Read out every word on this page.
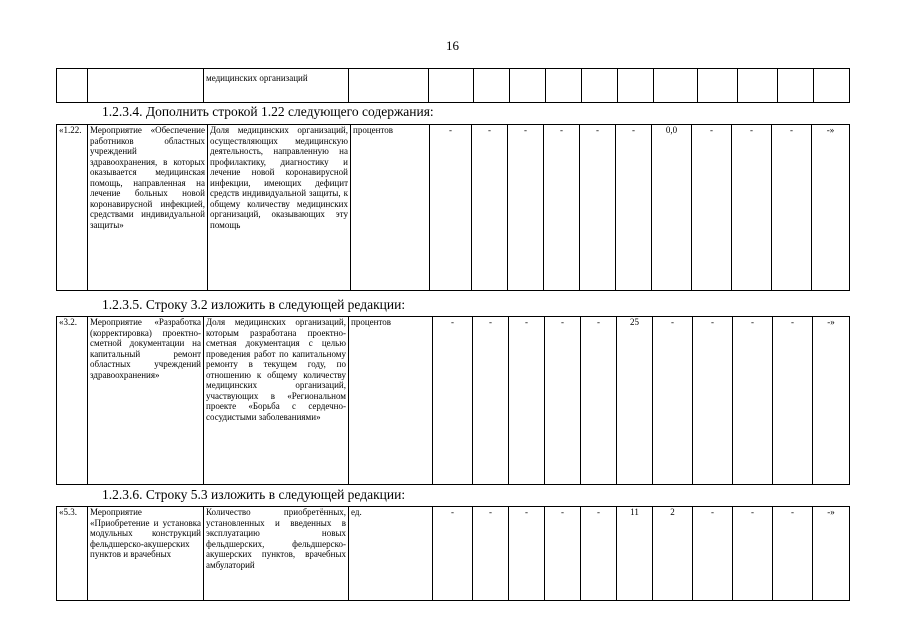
16
		медицинских организаций												
1.2.3.4. Дополнить строкой 1.22 следующего содержания:
«1.22.	Мероприятие «Обеспечение работников областных учреждений здравоохранения, в которых оказывается медицинская помощь, направленная на лечение больных новой коронавирусной инфекцией, средствами индивидуальной защиты»	Доля медицинских организаций, осуществляющих медицинскую деятельность, направленную на профилактику, диагностику и лечение новой коронавирусной инфекции, имеющих дефицит средств индивидуальной защиты, к общему количеству медицинских организаций, оказывающих эту помощь	процентов	-	-	-	-	-	-	0,0	-	-	-	-»
1.2.3.5. Строку 3.2 изложить в следующей редакции:
«3.2.	Мероприятие «Разработка (корректировка) проектно-сметной документации на капитальный ремонт областных учреждений здравоохранения»	Доля медицинских организаций, которым разработана проектно-сметная документация с целью проведения работ по капитальному ремонту в текущем году, по отношению к общему количеству медицинских организаций, участвующих в «Региональном проекте «Борьба с сердечно-сосудистыми заболеваниями»	процентов	-	-	-	-	-	25	-	-	-	-	-»
1.2.3.6. Строку 5.3 изложить в следующей редакции:
«5.3.	Мероприятие «Приобретение и установка модульных конструкций фельдшерско-акушерских пунктов и врачебных	Количество приобретённых, установленных и введенных в эксплуатацию новых фельдшерских, фельдшерско-акушерских пунктов, врачебных амбулаторий	ед.	-	-	-	-	-	11	2	-	-	-	-»
